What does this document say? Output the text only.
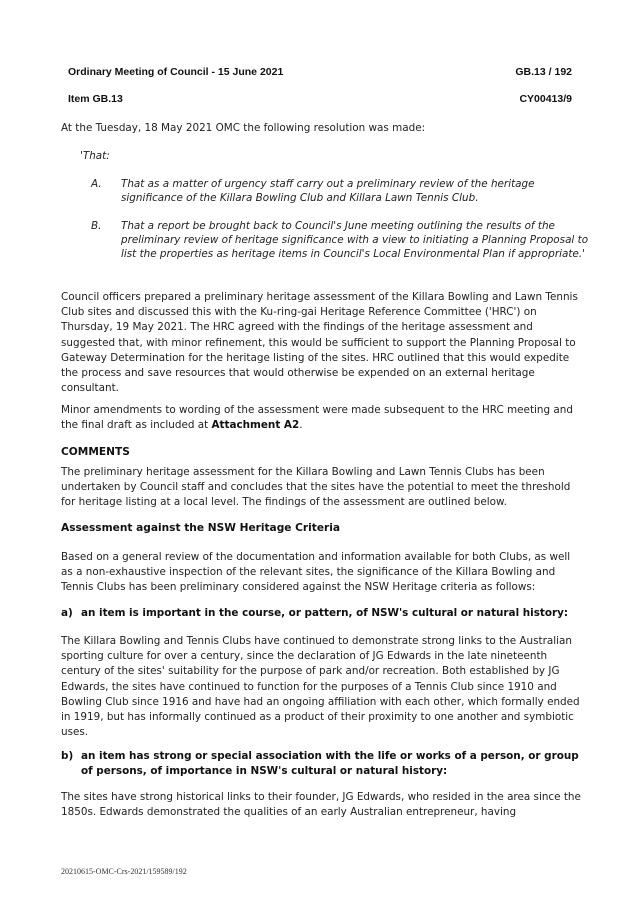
Ordinary Meeting of Council - 15 June 2021	GB.13 / 192
Item GB.13	CY00413/9

At the Tuesday, 18 May 2021 OMC the following resolution was made:

'That:
A. That as a matter of urgency staff carry out a preliminary review of the heritage significance of the Killara Bowling Club and Killara Lawn Tennis Club.
B. That a report be brought back to Council's June meeting outlining the results of the preliminary review of heritage significance with a view to initiating a Planning Proposal to list the properties as heritage items in Council's Local Environmental Plan if appropriate.'

Council officers prepared a preliminary heritage assessment of the Killara Bowling and Lawn Tennis Club sites and discussed this with the Ku-ring-gai Heritage Reference Committee ('HRC') on Thursday, 19 May 2021. The HRC agreed with the findings of the heritage assessment and suggested that, with minor refinement, this would be sufficient to support the Planning Proposal to Gateway Determination for the heritage listing of the sites. HRC outlined that this would expedite the process and save resources that would otherwise be expended on an external heritage consultant.

Minor amendments to wording of the assessment were made subsequent to the HRC meeting and the final draft as included at Attachment A2.

COMMENTS

The preliminary heritage assessment for the Killara Bowling and Lawn Tennis Clubs has been undertaken by Council staff and concludes that the sites have the potential to meet the threshold for heritage listing at a local level. The findings of the assessment are outlined below.

Assessment against the NSW Heritage Criteria

Based on a general review of the documentation and information available for both Clubs, as well as a non-exhaustive inspection of the relevant sites, the significance of the Killara Bowling and Tennis Clubs has been preliminary considered against the NSW Heritage criteria as follows:

a) an item is important in the course, or pattern, of NSW's cultural or natural history:

The Killara Bowling and Tennis Clubs have continued to demonstrate strong links to the Australian sporting culture for over a century, since the declaration of JG Edwards in the late nineteenth century of the sites' suitability for the purpose of park and/or recreation. Both established by JG Edwards, the sites have continued to function for the purposes of a Tennis Club since 1910 and Bowling Club since 1916 and have had an ongoing affiliation with each other, which formally ended in 1919, but has informally continued as a product of their proximity to one another and symbiotic uses.

b) an item has strong or special association with the life or works of a person, or group of persons, of importance in NSW's cultural or natural history:

The sites have strong historical links to their founder, JG Edwards, who resided in the area since the 1850s. Edwards demonstrated the qualities of an early Australian entrepreneur, having

20210615-OMC-Crs-2021/159589/192
